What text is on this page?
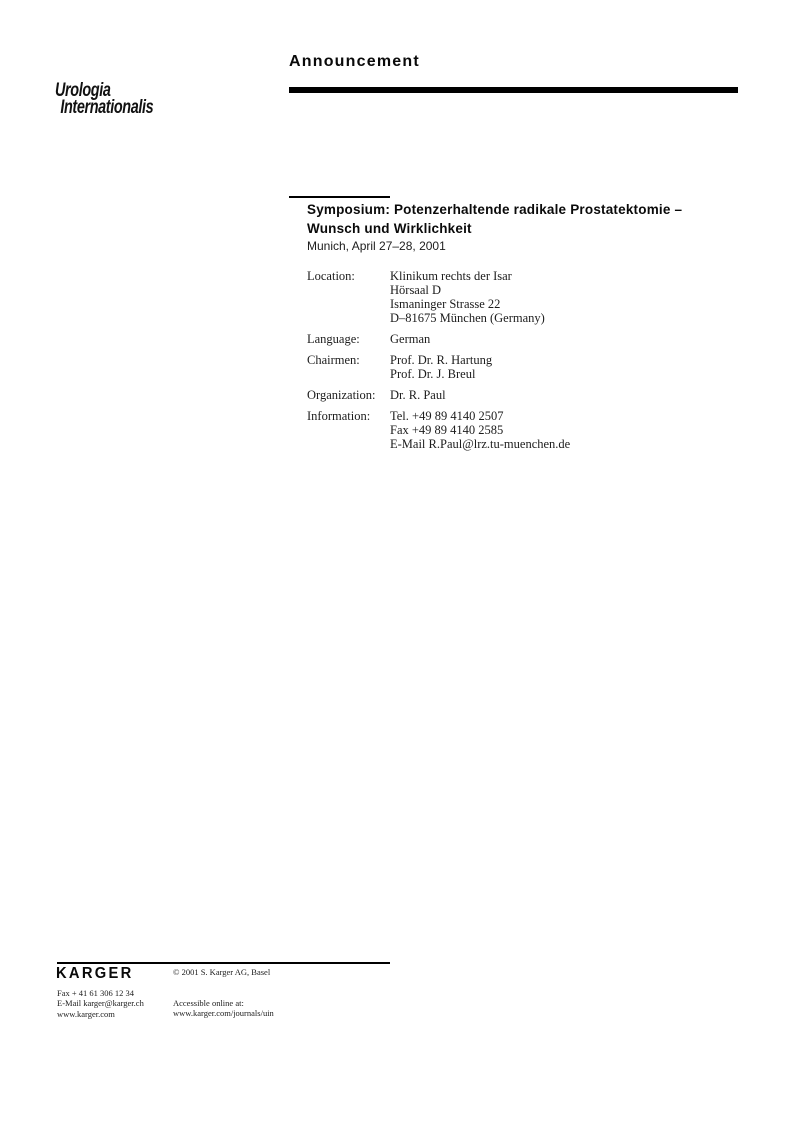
Urologia
Internationalis
Announcement
Symposium: Potenzerhaltende radikale Prostatektomie –
Wunsch und Wirklichkeit
Munich, April 27–28, 2001
Location:	Klinikum rechts der Isar
Hörsaal D
Ismaninger Strasse 22
D–81675 München (Germany)
Language:	German
Chairmen:	Prof. Dr. R. Hartung
Prof. Dr. J. Breul
Organization:	Dr. R. Paul
Information:	Tel. +49 89 4140 2507
Fax +49 89 4140 2585
E-Mail R.Paul@lrz.tu-muenchen.de
KARGER	© 2001 S. Karger AG, Basel
Fax + 41 61 306 12 34
E-Mail karger@karger.ch
www.karger.com
Accessible online at:
www.karger.com/journals/uin
